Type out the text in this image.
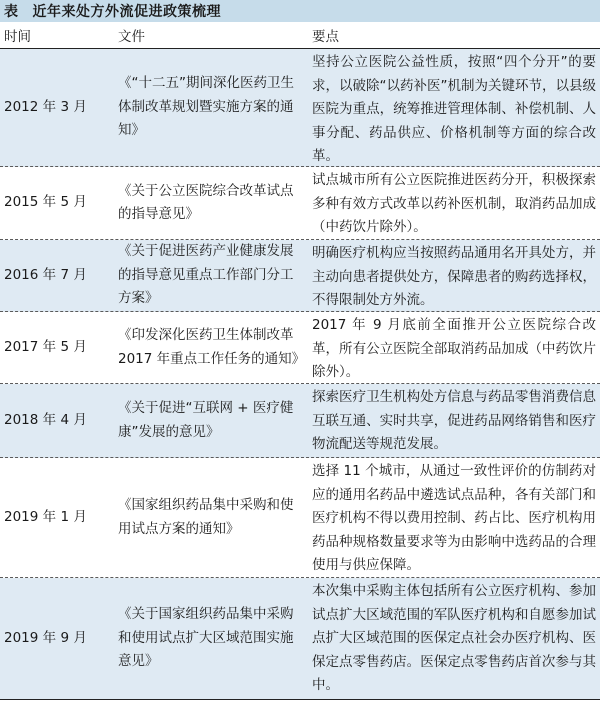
表 近年来处方外流促进政策梳理
时间	文件	要点
2012 年 3 月
《“十二五”期间深化医药卫生体制改革规划暨实施方案的通知》
坚持公立医院公益性质，按照“四个分开”的要求，以破除“以药补医”机制为关键环节，以县级医院为重点，统筹推进管理体制、补偿机制、人事分配、药品供应、价格机制等方面的综合改革。
2015 年 5 月
《关于公立医院综合改革试点的指导意见》
试点城市所有公立医院推进医药分开，积极探索多种有效方式改革以药补医机制，取消药品加成（中药饮片除外）。
2016 年 7 月
《关于促进医药产业健康发展的指导意见重点工作部门分工方案》
明确医疗机构应当按照药品通用名开具处方，并主动向患者提供处方，保障患者的购药选择权，不得限制处方外流。
2017 年 5 月
《印发深化医药卫生体制改革 2017 年重点工作任务的通知》
2017 年 9 月底前全面推开公立医院综合改革，所有公立医院全部取消药品加成（中药饮片除外）。
2018 年 4 月
《关于促进“互联网 + 医疗健康”发展的意见》
探索医疗卫生机构处方信息与药品零售消费信息互联互通、实时共享，促进药品网络销售和医疗物流配送等规范发展。
2019 年 1 月
《国家组织药品集中采购和使用试点方案的通知》
选择 11 个城市，从通过一致性评价的仿制药对应的通用名药品中遴选试点品种，各有关部门和医疗机构不得以费用控制、药占比、医疗机构用药品种规格数量要求等为由影响中选药品的合理使用与供应保障。
2019 年 9 月
《关于国家组织药品集中采购和使用试点扩大区域范围实施意见》
本次集中采购主体包括所有公立医疗机构、参加试点扩大区域范围的军队医疗机构和自愿参加试点扩大区域范围的医保定点社会办医疗机构、医保定点零售药店。医保定点零售药店首次参与其中。
